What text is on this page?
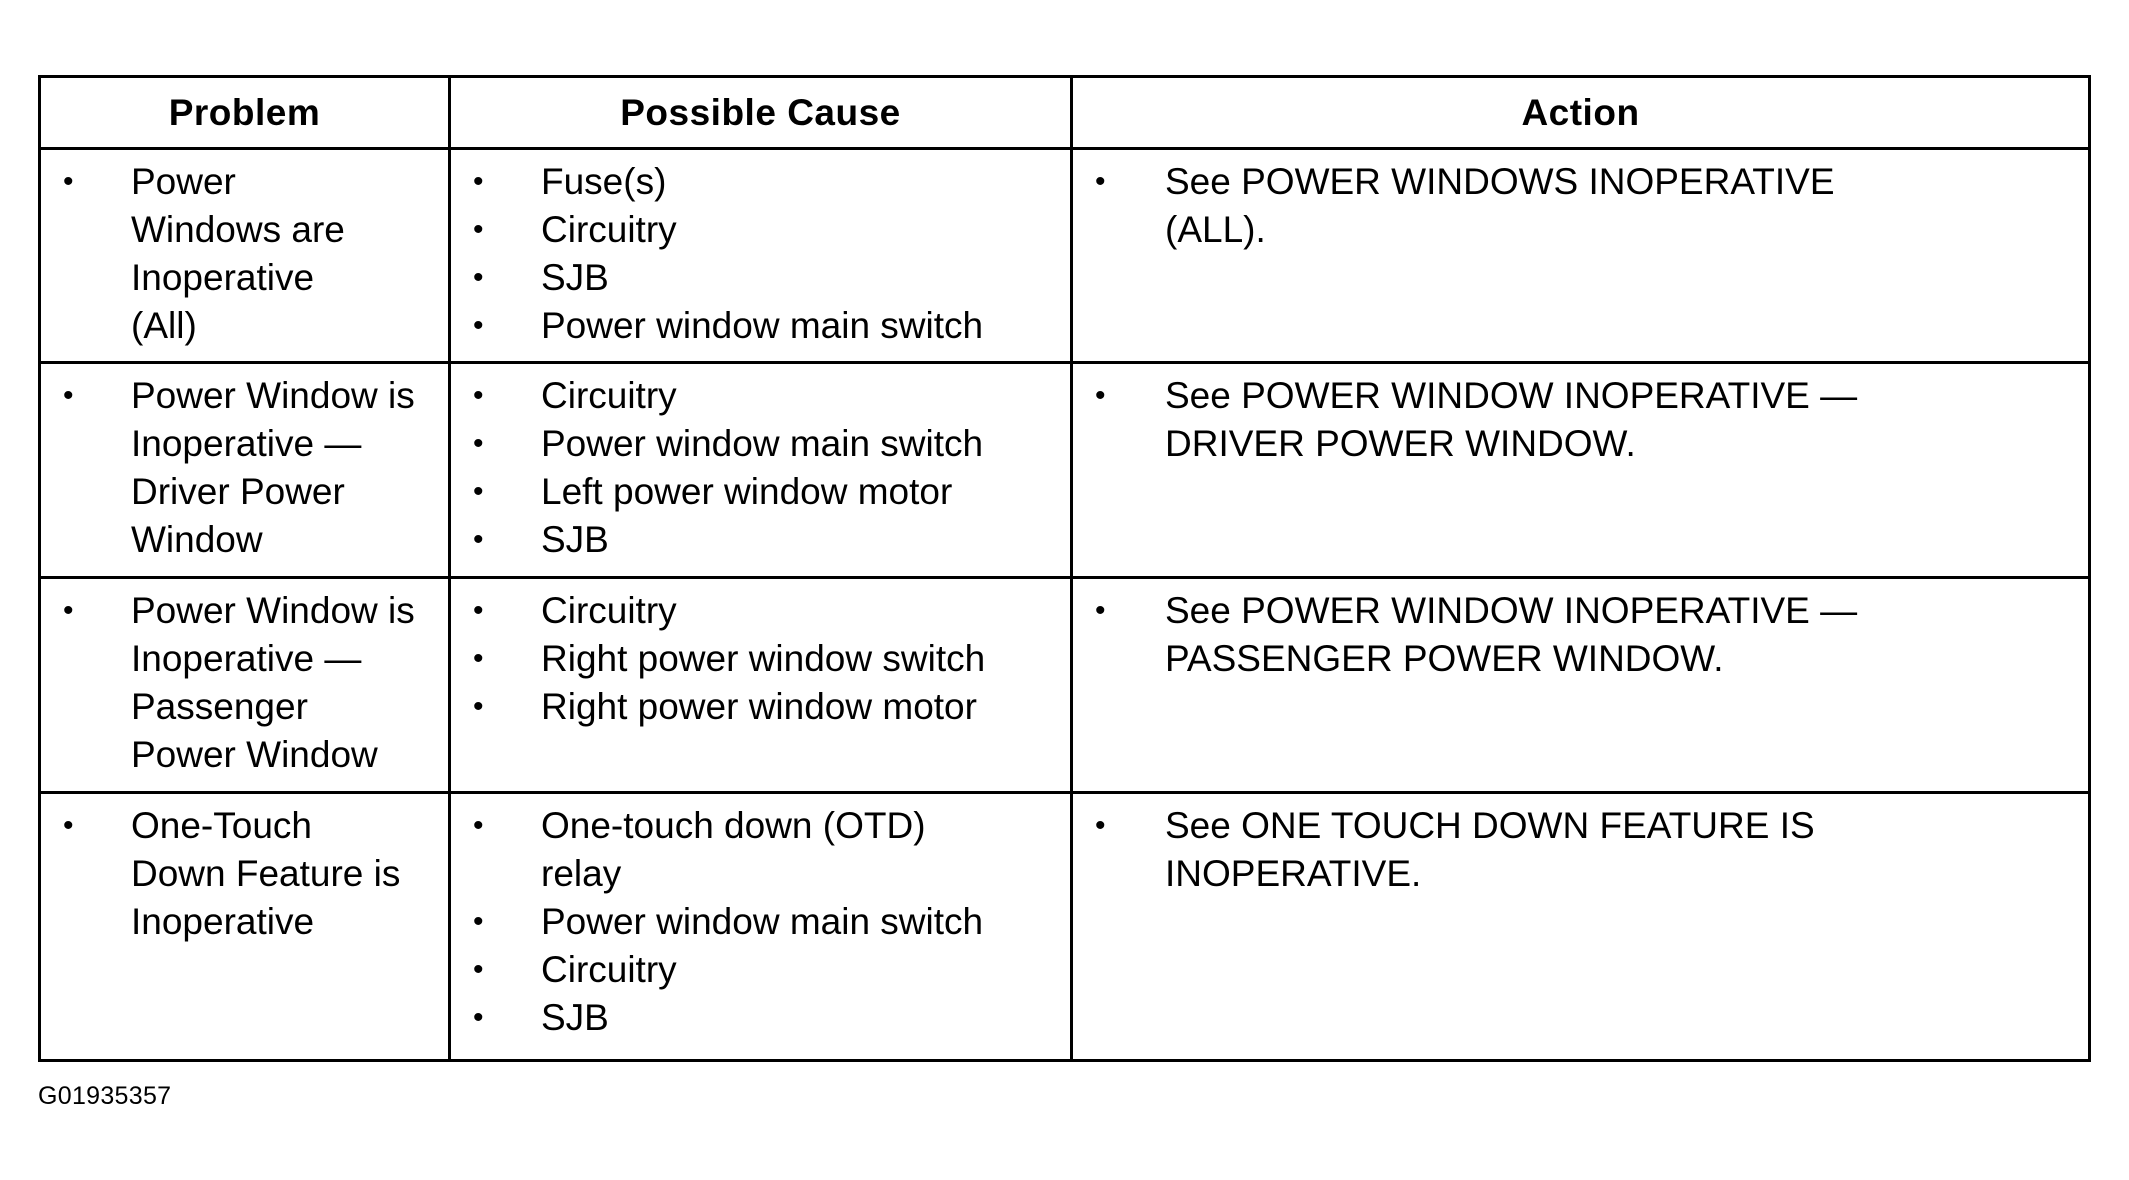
Problem	Possible Cause	Action
• Power Windows are Inoperative (All)
• Fuse(s)
• Circuitry
• SJB
• Power window main switch
• See POWER WINDOWS INOPERATIVE (ALL).
• Power Window is Inoperative — Driver Power Window
• Circuitry
• Power window main switch
• Left power window motor
• SJB
• See POWER WINDOW INOPERATIVE — DRIVER POWER WINDOW.
• Power Window is Inoperative — Passenger Power Window
• Circuitry
• Right power window switch
• Right power window motor
• See POWER WINDOW INOPERATIVE — PASSENGER POWER WINDOW.
• One-Touch Down Feature is Inoperative
• One-touch down (OTD) relay
• Power window main switch
• Circuitry
• SJB
• See ONE TOUCH DOWN FEATURE IS INOPERATIVE.
G01935357
